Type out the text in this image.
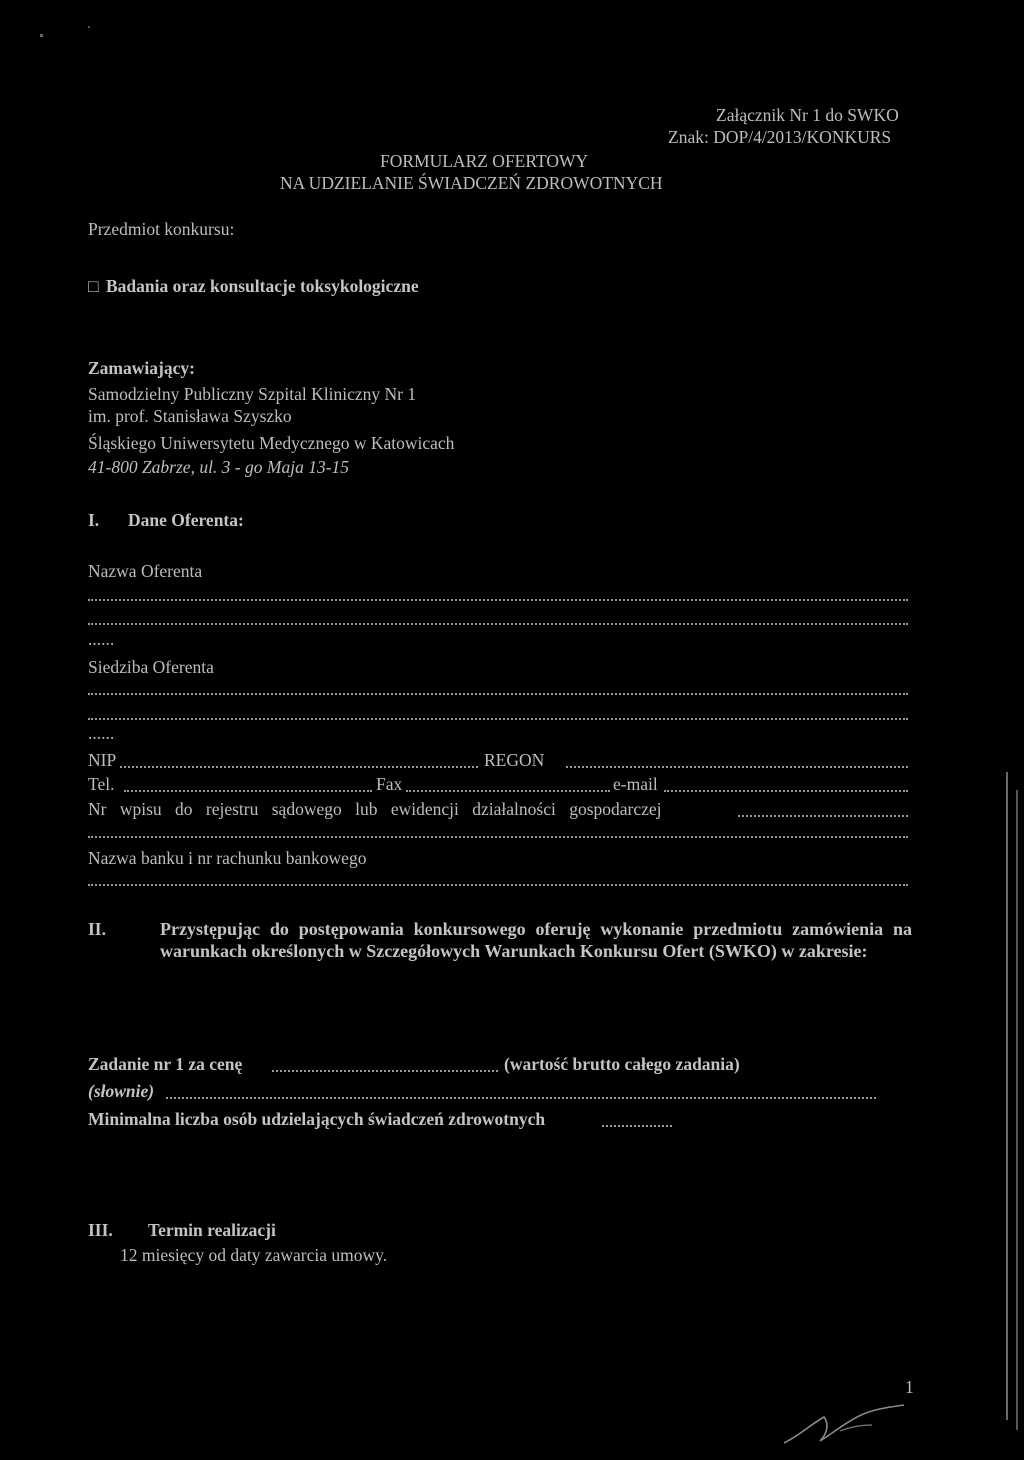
Załącznik Nr 1 do SWKO
Znak: DOP/4/2013/KONKURS
FORMULARZ OFERTOWY
NA UDZIELANIE ŚWIADCZEŃ ZDROWOTNYCH
Przedmiot konkursu:
□ Badania oraz konsultacje toksykologiczne
Zamawiający:
Samodzielny Publiczny Szpital Kliniczny Nr 1
im. prof. Stanisława Szyszko
Śląskiego Uniwersytetu Medycznego w Katowicach
41-800 Zabrze, ul. 3 - go Maja 13-15
I. Dane Oferenta:
Nazwa Oferenta
......
Siedziba Oferenta
......
NIP	REGON
Tel.	Fax	e-mail
Nr wpisu do rejestru sądowego lub ewidencji działalności gospodarczej
Nazwa banku i nr rachunku bankowego
II.	Przystępując do postępowania konkursowego oferuję wykonanie przedmiotu zamówienia na warunkach określonych w Szczegółowych Warunkach Konkursu Ofert (SWKO) w zakresie:
Zadanie nr 1 za cenę	(wartość brutto całego zadania)
(słownie)
Minimalna liczba osób udzielających świadczeń zdrowotnych
III. Termin realizacji
12 miesięcy od daty zawarcia umowy.
1
